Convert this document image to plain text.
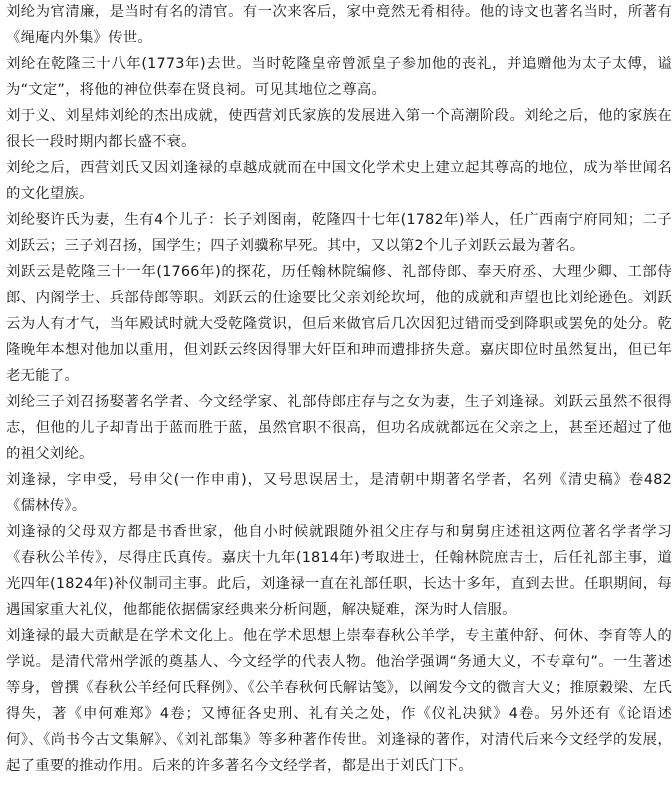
刘纶为官清廉，是当时有名的清官。有一次来客后，家中竟然无肴相待。他的诗文也著名当时，所著有《绳庵内外集》传世。

刘纶在乾隆三十八年(1773年)去世。当时乾隆皇帝曾派皇子参加他的丧礼，并追赠他为太子太傅，谥为“文定”，将他的神位供奉在贤良祠。可见其地位之尊高。

刘于义、刘星炜刘纶的杰出成就，使西营刘氏家族的发展进入第一个高潮阶段。刘纶之后，他的家族在很长一段时期内都长盛不衰。

刘纶之后，西营刘氏又因刘逢禄的卓越成就而在中国文化学术史上建立起其尊高的地位，成为举世闻名的文化望族。

刘纶娶许氏为妻，生有4个儿子：长子刘图南，乾隆四十七年(1782年)举人，任广西南宁府同知；二子刘跃云；三子刘召扬，国学生；四子刘骥称早死。其中，又以第2个儿子刘跃云最为著名。

刘跃云是乾隆三十一年(1766年)的探花，历任翰林院编修、礼部侍郎、奉天府丞、大理少卿、工部侍郎、内阁学士、兵部侍郎等职。刘跃云的仕途要比父亲刘纶坎坷，他的成就和声望也比刘纶逊色。刘跃云为人有才气，当年殿试时就大受乾隆赏识，但后来做官后几次因犯过错而受到降职或罢免的处分。乾隆晚年本想对他加以重用，但刘跃云终因得罪大奸臣和珅而遭排挤失意。嘉庆即位时虽然复出，但已年老无能了。

刘纶三子刘召扬娶著名学者、今文经学家、礼部侍郎庄存与之女为妻，生子刘逢禄。刘跃云虽然不很得志，但他的儿子却青出于蓝而胜于蓝，虽然官职不很高，但功名成就都远在父亲之上，甚至还超过了他的祖父刘纶。

刘逢禄，字申受，号申父(一作申甫)，又号思误居士，是清朝中期著名学者，名列《清史稿》卷482《儒林传》。

刘逢禄的父母双方都是书香世家，他自小时候就跟随外祖父庄存与和舅舅庄述祖这两位著名学者学习《春秋公羊传》，尽得庄氏真传。嘉庆十九年(1814年)考取进士，任翰林院庶吉士，后任礼部主事，道光四年(1824年)补仪制司主事。此后，刘逢禄一直在礼部任职，长达十多年，直到去世。任职期间，每遇国家重大礼仪，他都能依据儒家经典来分析问题，解决疑难，深为时人信服。

刘逢禄的最大贡献是在学术文化上。他在学术思想上崇奉春秋公羊学，专主董仲舒、何休、李育等人的学说。是清代常州学派的奠基人、今文经学的代表人物。他治学强调“务通大义，不专章句”。一生著述等身，曾撰《春秋公羊经何氏释例》、《公羊春秋何氏解诂笺》，以阐发今文的微言大义；推原穀梁、左氏得失，著《申何难郑》4卷；又博征各史刑、礼有关之处，作《仪礼决狱》4卷。另外还有《论语述何》、《尚书今古文集解》、《刘礼部集》等多种著作传世。刘逢禄的著作，对清代后来今文经学的发展，起了重要的推动作用。后来的许多著名今文经学者，都是出于刘氏门下。
